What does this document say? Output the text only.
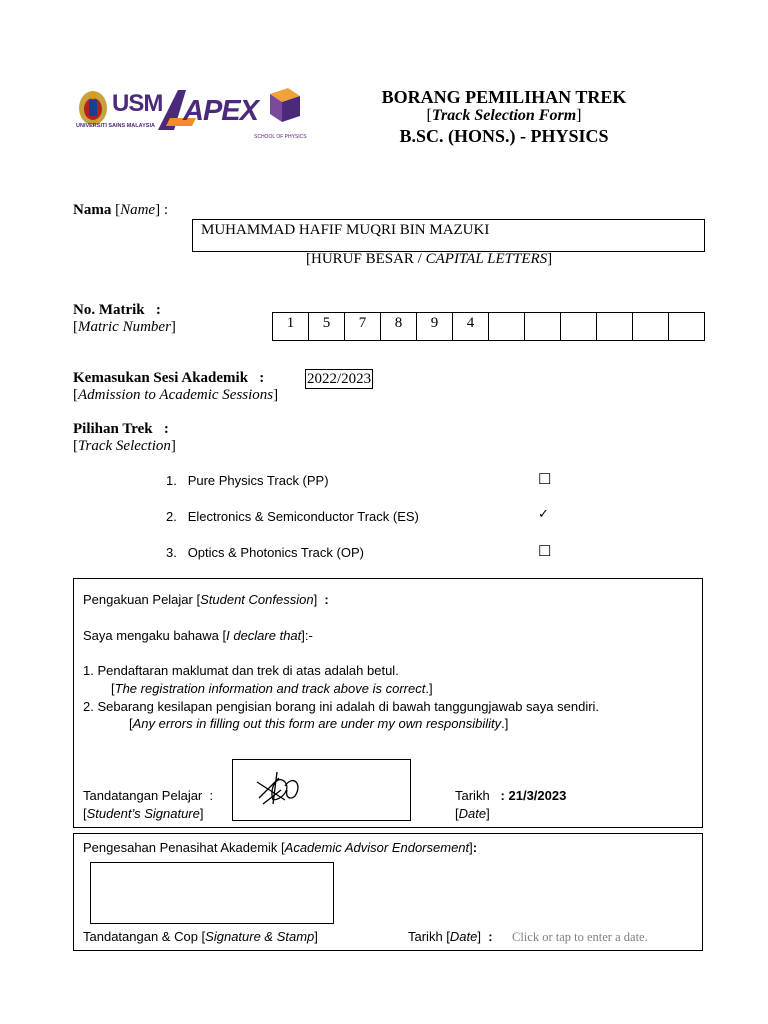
USM
UNIVERSITI SAINS MALAYSIA APEX
SCHOOL OF PHYSICS
BORANG PEMILIHAN TREK
[Track Selection Form]
B.SC. (HONS.) - PHYSICS
Nama [Name] :
MUHAMMAD HAFIF MUQRI BIN MAZUKI
[HURUF BESAR / CAPITAL LETTERS]
No. Matrik   :
[Matric Number]	1	5	7	8	9	4
Kemasukan Sesi Akademik   :
[Admission to Academic Sessions]
2022/2023
Pilihan Trek   :
[Track Selection]
1. Pure Physics Track (PP)	☐
2. Electronics & Semiconductor Track (ES)	✓
3. Optics & Photonics Track (OP)	☐
Pengakuan Pelajar [Student Confession]  :
Saya mengaku bahawa [I declare that]:-
1. Pendaftaran maklumat dan trek di atas adalah betul.
[The registration information and track above is correct.]
2. Sebarang kesilapan pengisian borang ini adalah di bawah tanggungjawab saya sendiri.
[Any errors in filling out this form are under my own responsibility.]
Tandatangan Pelajar  :
[Student’s Signature]
Tarikh : 21/3/2023
[Date]
Pengesahan Penasihat Akademik [Academic Advisor Endorsement]:
Tandatangan & Cop [Signature & Stamp]	Tarikh [Date]  : Click or tap to enter a date.
